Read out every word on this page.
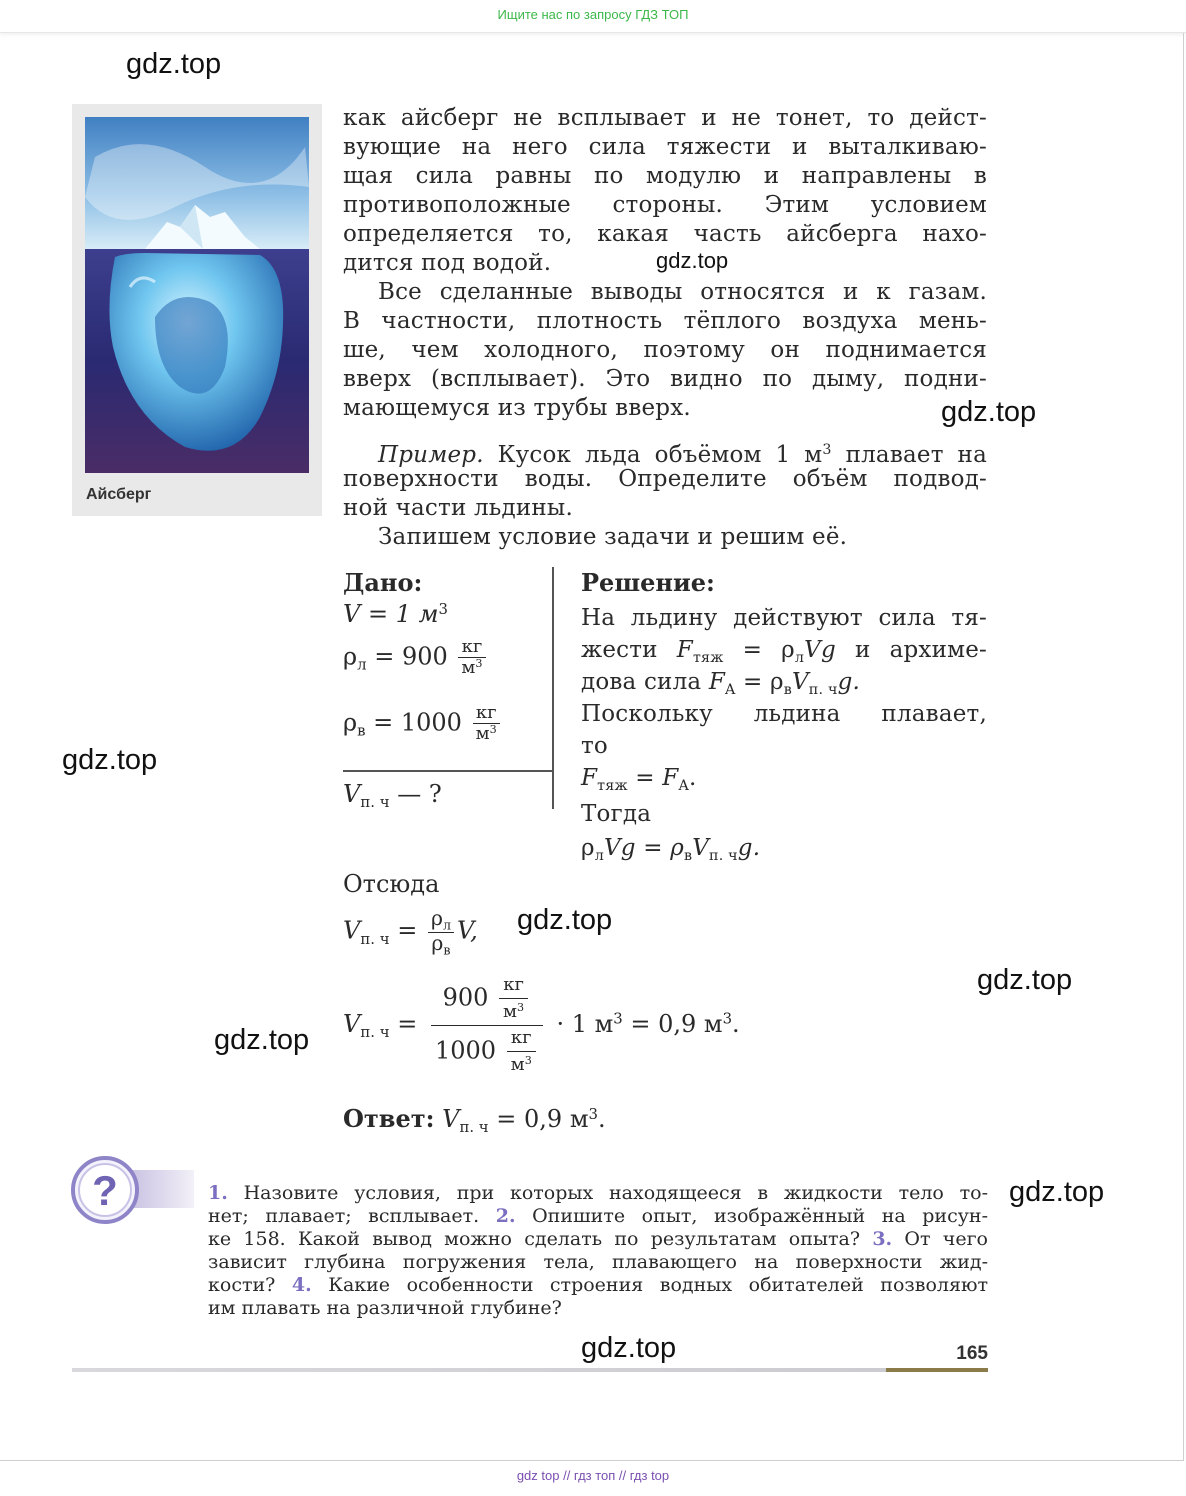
Ищите нас по запросу ГДЗ ТОП
gdz.top
gdz.top
gdz.top
gdz.top
gdz.top
gdz.top
gdz.top
gdz.top
gdz.top
Айсберг
как айсберг не всплывает и не тонет, то дейст-
вующие на него сила тяжести и выталкиваю-
щая сила равны по модулю и направлены в
противоположные стороны. Этим условием
определяется то, какая часть айсберга нахо-
дится под водой.
Все сделанные выводы относятся и к газам.
В частности, плотность тёплого воздуха мень-
ше, чем холодного, поэтому он поднимается
вверх (всплывает). Это видно по дыму, подни-
мающемуся из трубы вверх.
Пример. Кусок льда объёмом 1 $м^3$ плавает на
поверхности воды. Определите объём подвод-
ной части льдины.
Запишем условие задачи и решим её.
Дано:
V = 1 $м^3$
$\rho_л = 900 \frac{кг}{м^3}$
$\rho_в = 1000 \frac{кг}{м^3}$
$V_{п. ч}$ — ?
Решение:
На льдину действуют сила тя-
жести $F_{тяж} = \rho_лVg$ и архиме-
дова сила $F_A = \rho_вV_{п. ч}g$.
Поскольку льдина плавает,
то
$F_{тяж} = F_A$.
Тогда
$\rho_лVg = \rho_вV_{п. ч}g$.
Отсюда
$V_{п. ч} = \frac{\rho_л}{\rho_в} V$,
$V_{п. ч} = \frac{900 \frac{кг}{м^3}}{1000 \frac{кг}{м^3}} \cdot 1$ $м^3 = 0,9$ $м^3$.
Ответ: $V_{п. ч} = 0,9$ $м^3$.
?	1. Назовите условия, при которых находящееся в жидкости тело то-
нет; плавает; всплывает. 2. Опишите опыт, изображённый на рисун-
ке 158. Какой вывод можно сделать по результатам опыта? 3. От чего
зависит глубина погружения тела, плавающего на поверхности жид-
кости? 4. Какие особенности строения водных обитателей позволяют
им плавать на различной глубине?
165
gdz top // гдз топ // гдз top
